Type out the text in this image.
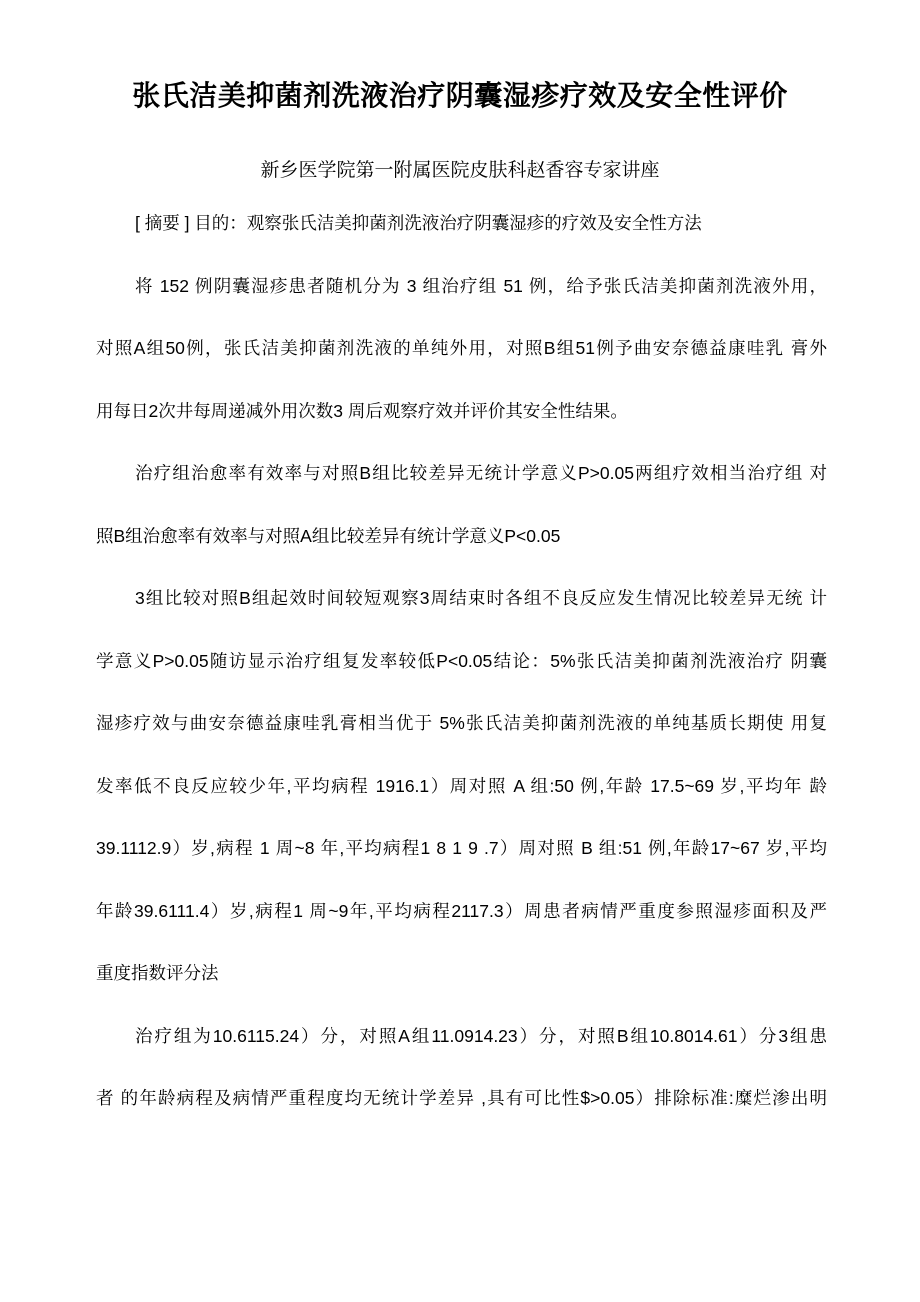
张氏洁美抑菌剂洗液治疗阴囊湿疹疗效及安全性评价
新乡医学院第一附属医院皮肤科赵香容专家讲座
[ 摘要 ] 目的：观察张氏洁美抑菌剂洗液治疗阴囊湿疹的疗效及安全性方法
将 152 例阴囊湿疹患者随机分为 3 组治疗组 51 例，给予张氏洁美抑菌剂洗液外用，
对照A组50例，张氏洁美抑菌剂洗液的单纯外用，对照B组51例予曲安奈德益康哇乳 膏外
用每日2次井每周递减外用次数3 周后观察疗效并评价其安全性结果。
治疗组治愈率有效率与对照B组比较差异无统计学意义P>0.05两组疗效相当治疗组 对
照B组治愈率有效率与对照A组比较差异有统计学意义P<0.05
3组比较对照B组起效时间较短观察3周结束时各组不良反应发生情况比较差异无统 计
学意义P>0.05随访显示治疗组复发率较低P<0.05结论：5%张氏洁美抑菌剂洗液治疗 阴囊
湿疹疗效与曲安奈德益康哇乳膏相当优于 5%张氏洁美抑菌剂洗液的单纯基质长期使 用复
发率低不良反应较少年,平均病程 1916.1）周对照 A 组:50 例,年龄 17.5~69 岁,平均年 龄
39.1112.9）岁,病程 1 周~8 年,平均病程1 8 1 9 .7）周对照 B 组:51 例,年龄17~67 岁,平均
年龄39.6111.4）岁,病程1 周~9年,平均病程2117.3）周患者病情严重度参照湿疹面积及严
重度指数评分法
治疗组为10.6115.24）分，对照A组11.0914.23）分，对照B组10.8014.61）分3组患
者 的年龄病程及病情严重程度均无统计学差异 ,具有可比性$>0.05）排除标准:糜烂渗出明
